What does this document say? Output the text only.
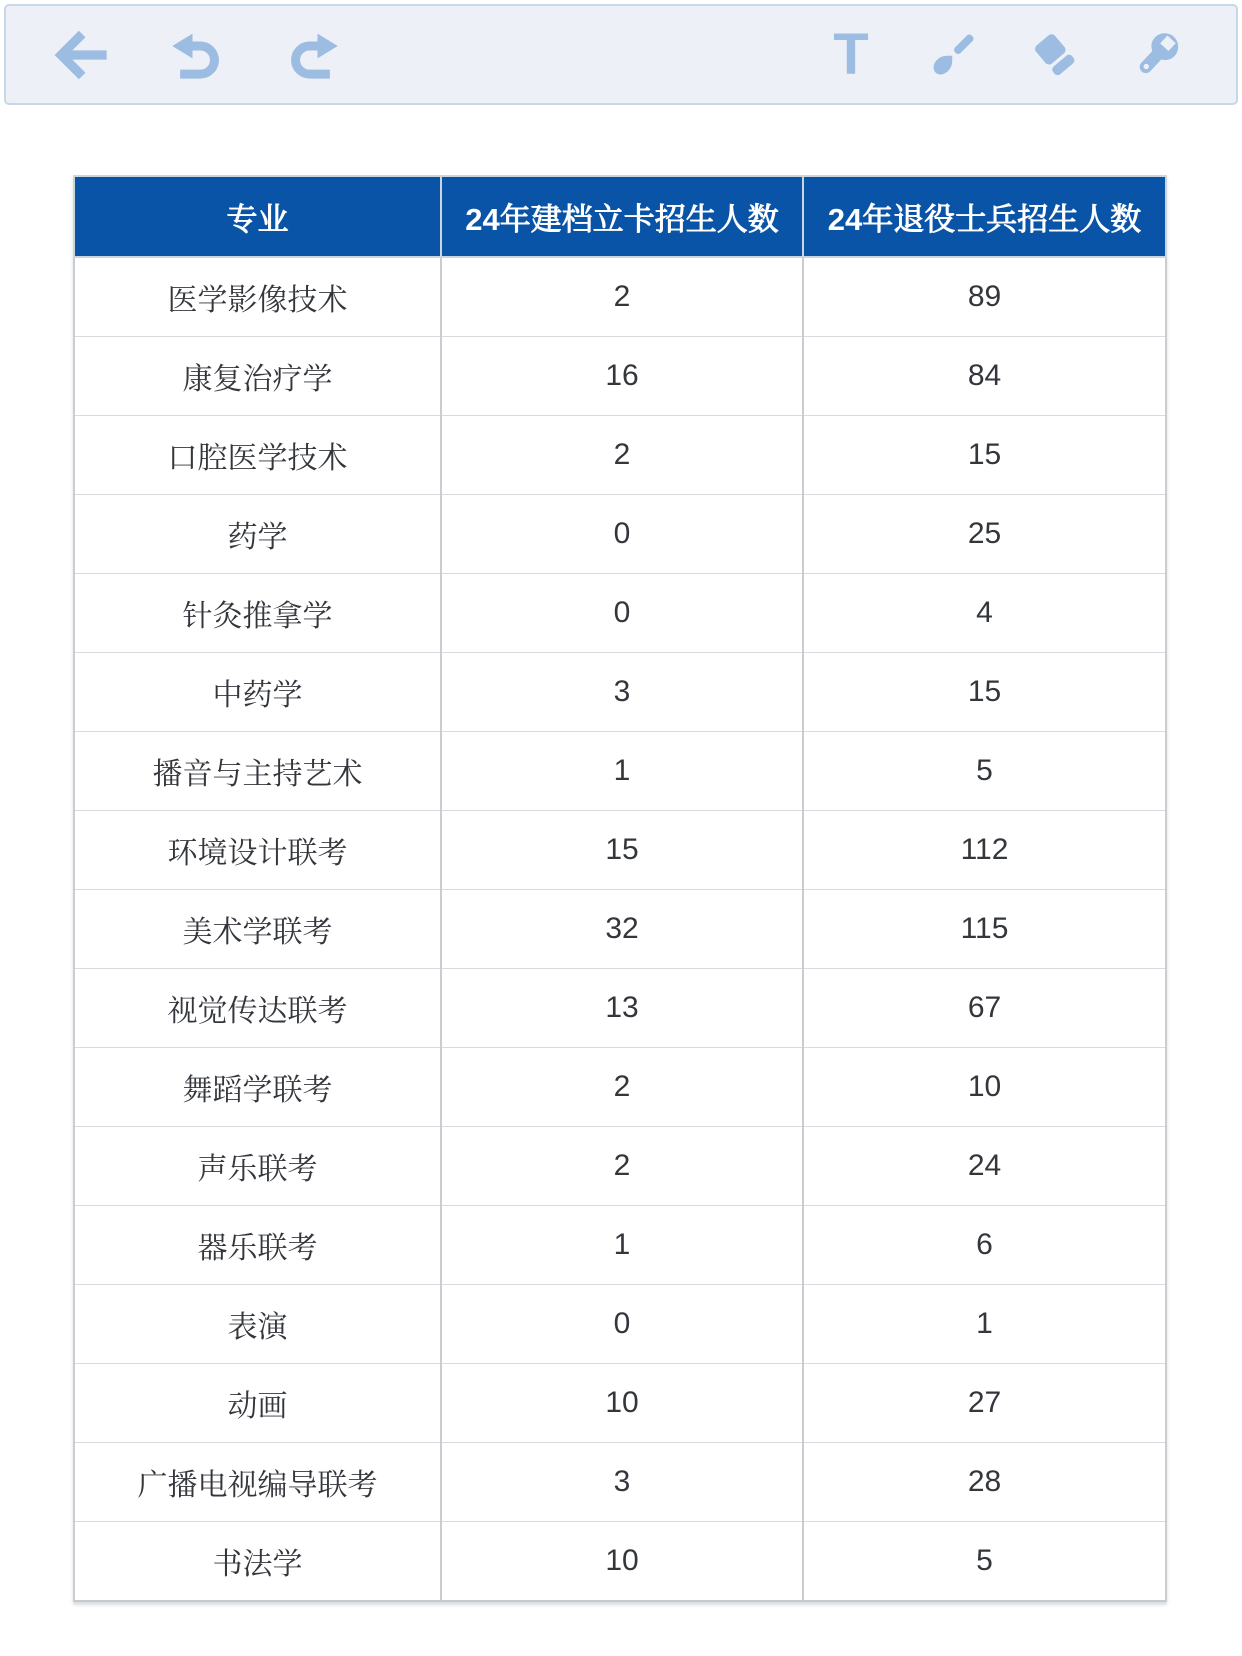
T
专业	24年建档立卡招生人数	24年退役士兵招生人数
医学影像技术	2	89
康复治疗学	16	84
口腔医学技术	2	15
药学	0	25
针灸推拿学	0	4
中药学	3	15
播音与主持艺术	1	5
环境设计联考	15	112
美术学联考	32	115
视觉传达联考	13	67
舞蹈学联考	2	10
声乐联考	2	24
器乐联考	1	6
表演	0	1
动画	10	27
广播电视编导联考	3	28
书法学	10	5
